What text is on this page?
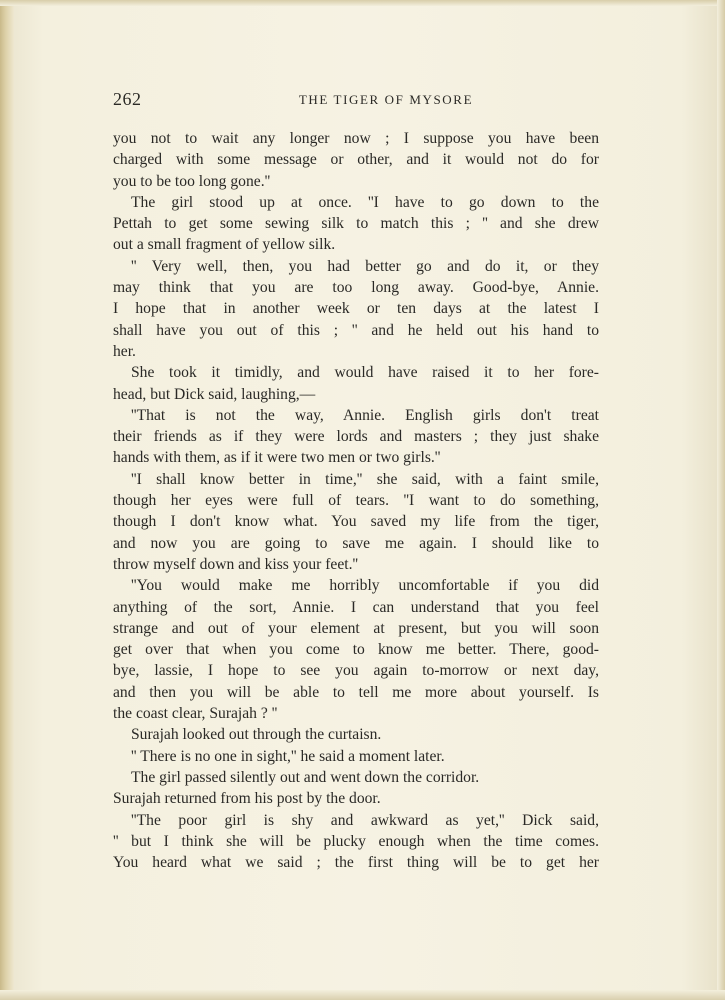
262	THE TIGER OF MYSORE
you not to wait any longer now ; I suppose you have been
charged with some message or other, and it would not do for
you to be too long gone.''
The girl stood up at once. ''I have to go down to the
Pettah to get some sewing silk to match this ; '' and she drew
out a small fragment of yellow silk.
'' Very well, then, you had better go and do it, or they
may think that you are too long away. Good-bye, Annie.
I hope that in another week or ten days at the latest I
shall have you out of this ; '' and he held out his hand to
her.
She took it timidly, and would have raised it to her fore-
head, but Dick said, laughing,—
''That is not the way, Annie. English girls don't treat
their friends as if they were lords and masters ; they just shake
hands with them, as if it were two men or two girls.''
''I shall know better in time,'' she said, with a faint smile,
though her eyes were full of tears. ''I want to do something,
though I don't know what. You saved my life from the tiger,
and now you are going to save me again. I should like to
throw myself down and kiss your feet.''
''You would make me horribly uncomfortable if you did
anything of the sort, Annie. I can understand that you feel
strange and out of your element at present, but you will soon
get over that when you come to know me better. There, good-
bye, lassie, I hope to see you again to-morrow or next day,
and then you will be able to tell me more about yourself. Is
the coast clear, Surajah ? ''
Surajah looked out through the curtaisn.
'' There is no one in sight,'' he said a moment later.
The girl passed silently out and went down the corridor.
Surajah returned from his post by the door.
''The poor girl is shy and awkward as yet,'' Dick said,
'' but I think she will be plucky enough when the time comes.
You heard what we said ; the first thing will be to get her
